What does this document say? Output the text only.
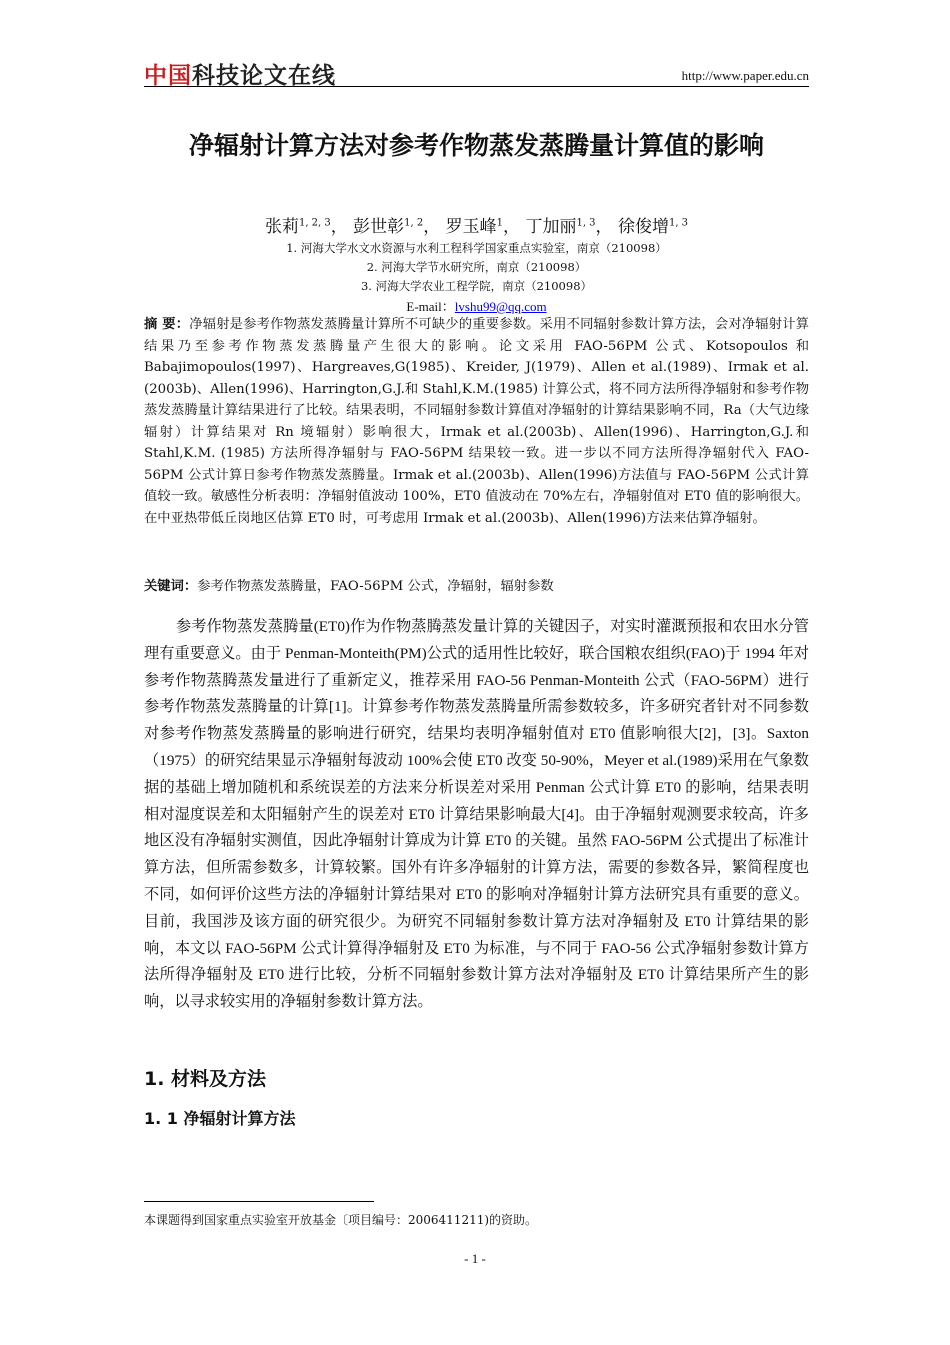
中国科技论文在线	http://www.paper.edu.cn
净辐射计算方法对参考作物蒸发蒸腾量计算值的影响
张莉$^{1, 2, 3}$， 彭世彰$^{1, 2}$， 罗玉峰$^1$， 丁加丽$^{1, 3}$， 徐俊增$^{1, 3}$
1. 河海大学水文水资源与水利工程科学国家重点实验室，南京（210098）
2. 河海大学节水研究所，南京（210098）
3. 河海大学农业工程学院，南京（210098）
E-mail：lvshu99@qq.com
摘 要：净辐射是参考作物蒸发蒸腾量计算所不可缺少的重要参数。采用不同辐射参数计算方法，会对净辐射计算结果乃至参考作物蒸发蒸腾量产生很大的影响。论文采用 FAO-56PM 公式、Kotsopoulos 和 Babajimopoulos(1997)、Hargreaves,G(1985)、Kreider, J(1979)、Allen et al.(1989)、Irmak et al.(2003b)、Allen(1996)、Harrington,G.J.和 Stahl,K.M.(1985) 计算公式，将不同方法所得净辐射和参考作物蒸发蒸腾量计算结果进行了比较。结果表明，不同辐射参数计算值对净辐射的计算结果影响不同，Ra（大气边缘辐射）计算结果对 Rn 境辐射）影响很大，Irmak et al.(2003b)、Allen(1996)、Harrington,G.J.和 Stahl,K.M. (1985) 方法所得净辐射与 FAO-56PM 结果较一致。进一步以不同方法所得净辐射代入 FAO-56PM 公式计算日参考作物蒸发蒸腾量。Irmak et al.(2003b)、Allen(1996)方法值与 FAO-56PM 公式计算值较一致。敏感性分析表明：净辐射值波动 100%，ET0 值波动在 70%左右，净辐射值对 ET0 值的影响很大。在中亚热带低丘岗地区估算 ET0 时，可考虑用 Irmak et al.(2003b)、Allen(1996)方法来估算净辐射。
关键词：参考作物蒸发蒸腾量，FAO-56PM 公式，净辐射，辐射参数
参考作物蒸发蒸腾量(ET0)作为作物蒸腾蒸发量计算的关键因子，对实时灌溉预报和农田水分管理有重要意义。由于 Penman-Monteith(PM)公式的适用性比较好，联合国粮农组织(FAO)于 1994 年对参考作物蒸腾蒸发量进行了重新定义，推荐采用 FAO-56 Penman-Monteith 公式（FAO-56PM）进行参考作物蒸发蒸腾量的计算[1]。计算参考作物蒸发蒸腾量所需参数较多，许多研究者针对不同参数对参考作物蒸发蒸腾量的影响进行研究，结果均表明净辐射值对 ET0 值影响很大[2]，[3]。Saxton（1975）的研究结果显示净辐射每波动 100%会使 ET0 改变 50-90%，Meyer et al.(1989)采用在气象数据的基础上增加随机和系统误差的方法来分析误差对采用 Penman 公式计算 ET0 的影响，结果表明相对湿度误差和太阳辐射产生的误差对 ET0 计算结果影响最大[4]。由于净辐射观测要求较高，许多地区没有净辐射实测值，因此净辐射计算成为计算 ET0 的关键。虽然 FAO-56PM 公式提出了标准计算方法，但所需参数多，计算较繁。国外有许多净辐射的计算方法，需要的参数各异，繁简程度也不同，如何评价这些方法的净辐射计算结果对 ET0 的影响对净辐射计算方法研究具有重要的意义。目前，我国涉及该方面的研究很少。为研究不同辐射参数计算方法对净辐射及 ET0 计算结果的影响，本文以 FAO-56PM 公式计算得净辐射及 ET0 为标准，与不同于 FAO-56 公式净辐射参数计算方法所得净辐射及 ET0 进行比较，分析不同辐射参数计算方法对净辐射及 ET0 计算结果所产生的影响，以寻求较实用的净辐射参数计算方法。
1. 材料及方法
1. 1 净辐射计算方法
本课题得到国家重点实验室开放基金〔项目编号：2006411211)的资助。
- 1 -
